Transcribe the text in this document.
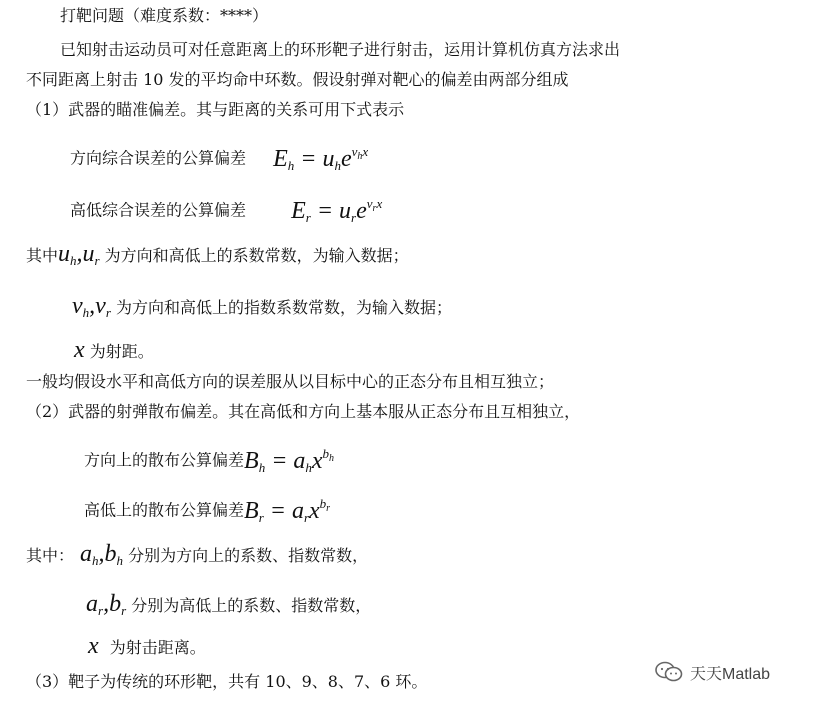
打靶问题（难度系数：****）
已知射击运动员可对任意距离上的环形靶子进行射击，运用计算机仿真方法求出
不同距离上射击 10 发的平均命中环数。假设射弹对靶心的偏差由两部分组成
（1）武器的瞄准偏差。其与距离的关系可用下式表示
方向综合误差的公算偏差 $E_h = u_he^{v_hx}$
高低综合误差的公算偏差 $E_r = u_re^{v_rx}$
其中$u_h,u_r$ 为方向和高低上的系数常数，为输入数据；
$v_h,v_r$ 为方向和高低上的指数系数常数，为输入数据；
x 为射距。
一般均假设水平和高低方向的误差服从以目标中心的正态分布且相互独立；
（2）武器的射弹散布偏差。其在高低和方向上基本服从正态分布且互相独立，
方向上的散布公算偏差$B_h = a_hx^{b_h}$
高低上的散布公算偏差$B_r = a_rx^{b_r}$
其中： $a_h,b_h$ 分别为方向上的系数、指数常数，
$a_r,b_r$ 分别为高低上的系数、指数常数，
x 为射击距离。
（3）靶子为传统的环形靶，共有 10、9、8、7、6 环。	天天Matlab
